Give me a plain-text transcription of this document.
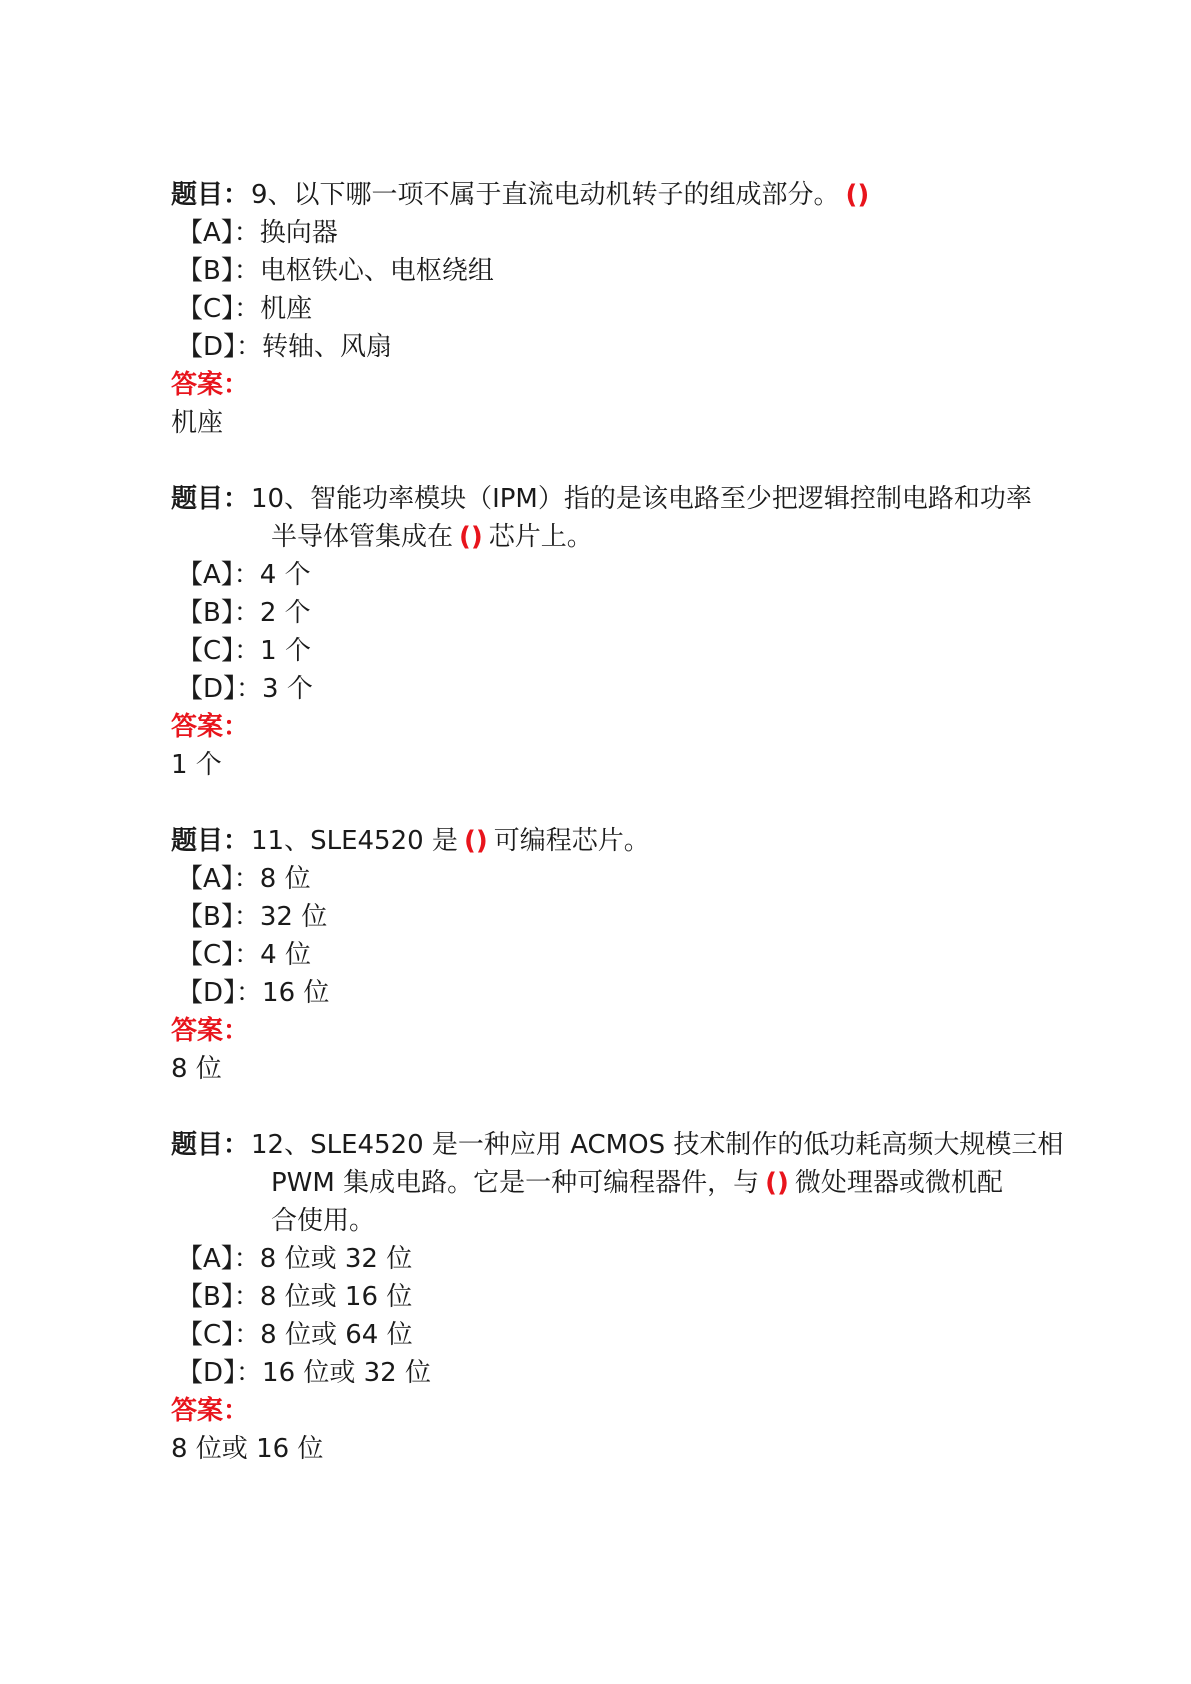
题目： 9、以下哪一项不属于直流电动机转子的组成部分。 ()
【A】：换向器
【B】：电枢铁心、电枢绕组
【C】：机座
【D】：转轴、风扇
答案：
机座
题目： 10、智能功率模块（IPM）指的是该电路至少把逻辑控制电路和功率
半导体管集成在 () 芯片上。
【A】：4 个
【B】：2 个
【C】：1 个
【D】：3 个
答案：
1 个
题目： 11、SLE4520 是 () 可编程芯片。
【A】：8 位
【B】：32 位
【C】：4 位
【D】：16 位
答案：
8 位
题目： 12、SLE4520 是一种应用 ACMOS 技术制作的低功耗高频大规模三相
PWM 集成电路。它是一种可编程器件，与 () 微处理器或微机配
合使用。
【A】：8 位或 32 位
【B】：8 位或 16 位
【C】：8 位或 64 位
【D】：16 位或 32 位
答案：
8 位或 16 位
